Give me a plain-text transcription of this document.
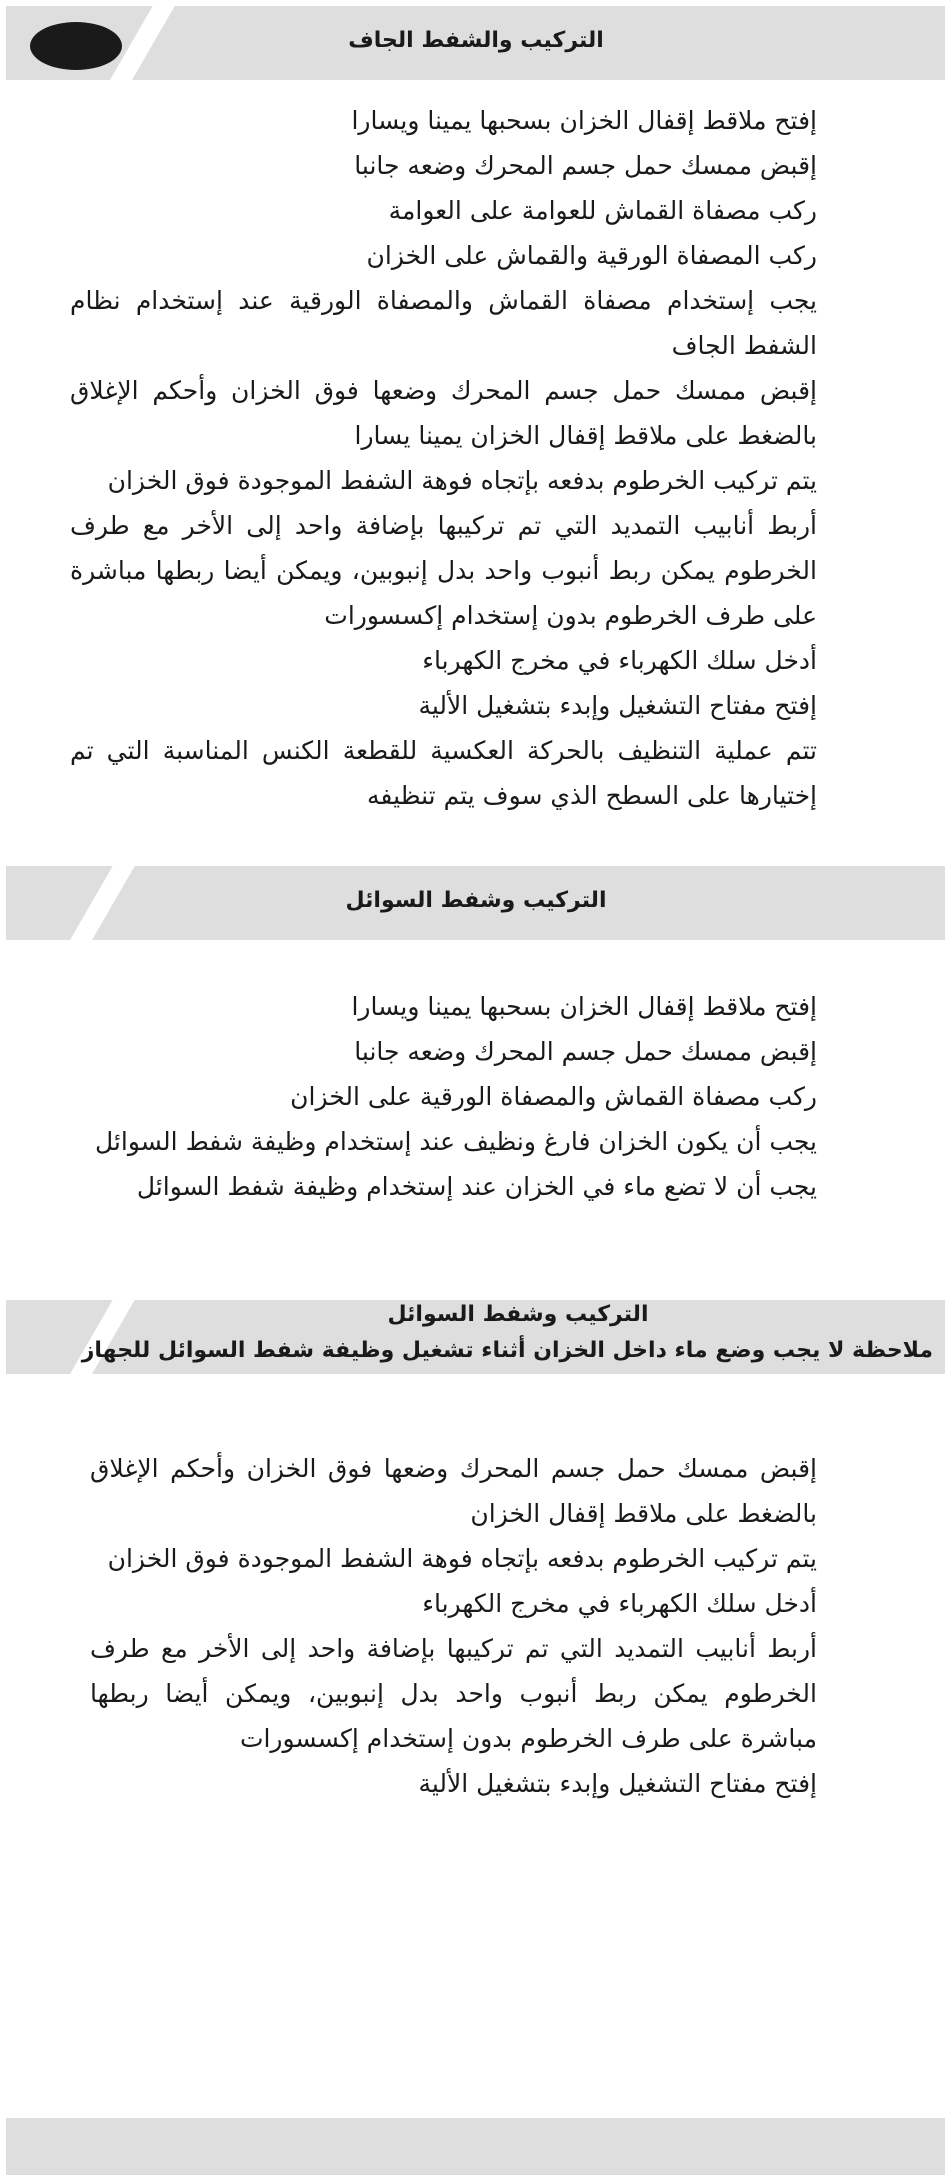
التركيب والشفط الجاف

إفتح ملاقط إقفال الخزان بسحبها يمينا ويسارا

إقبض ممسك حمل جسم المحرك وضعه جانبا

ركب مصفاة القماش للعوامة على العوامة

ركب المصفاة الورقية والقماش على الخزان

يجب إستخدام مصفاة القماش والمصفاة الورقية عند إستخدام نظام الشفط الجاف

إقبض ممسك حمل جسم المحرك وضعها فوق الخزان وأحكم الإغلاق بالضغط على ملاقط إقفال الخزان يمينا يسارا

يتم تركيب الخرطوم بدفعه بإتجاه فوهة الشفط الموجودة فوق الخزان

أربط أنابيب التمديد التي تم تركيبها بإضافة واحد إلى الأخر مع طرف الخرطوم يمكن ربط أنبوب واحد بدل إنبوبين، ويمكن أيضا ربطها مباشرة على طرف الخرطوم بدون إستخدام إكسسورات

أدخل سلك الكهرباء في مخرج الكهرباء

إفتح مفتاح التشغيل وإبدء بتشغيل الألية

تتم عملية التنظيف بالحركة العكسية للقطعة الكنس المناسبة التي تم إختيارها على السطح الذي سوف يتم تنظيفه

التركيب وشفط السوائل

إفتح ملاقط إقفال الخزان بسحبها يمينا ويسارا

إقبض ممسك حمل جسم المحرك وضعه جانبا

ركب مصفاة القماش والمصفاة الورقية على الخزان

يجب أن يكون الخزان فارغ ونظيف عند إستخدام وظيفة شفط السوائل

يجب أن لا تضع ماء في الخزان عند إستخدام وظيفة شفط السوائل

التركيب وشفط السوائل
ملاحظة لا يجب وضع ماء داخل الخزان أثناء تشغيل وظيفة شفط السوائل للجهاز

إقبض ممسك حمل جسم المحرك وضعها فوق الخزان وأحكم الإغلاق بالضغط على ملاقط إقفال الخزان

يتم تركيب الخرطوم بدفعه بإتجاه فوهة الشفط الموجودة فوق الخزان

أدخل سلك الكهرباء في مخرج الكهرباء

أربط أنابيب التمديد التي تم تركيبها بإضافة واحد إلى الأخر مع طرف الخرطوم يمكن ربط أنبوب واحد بدل إنبوبين، ويمكن أيضا ربطها مباشرة على طرف الخرطوم بدون إستخدام إكسسورات

إفتح مفتاح التشغيل وإبدء بتشغيل الألية
